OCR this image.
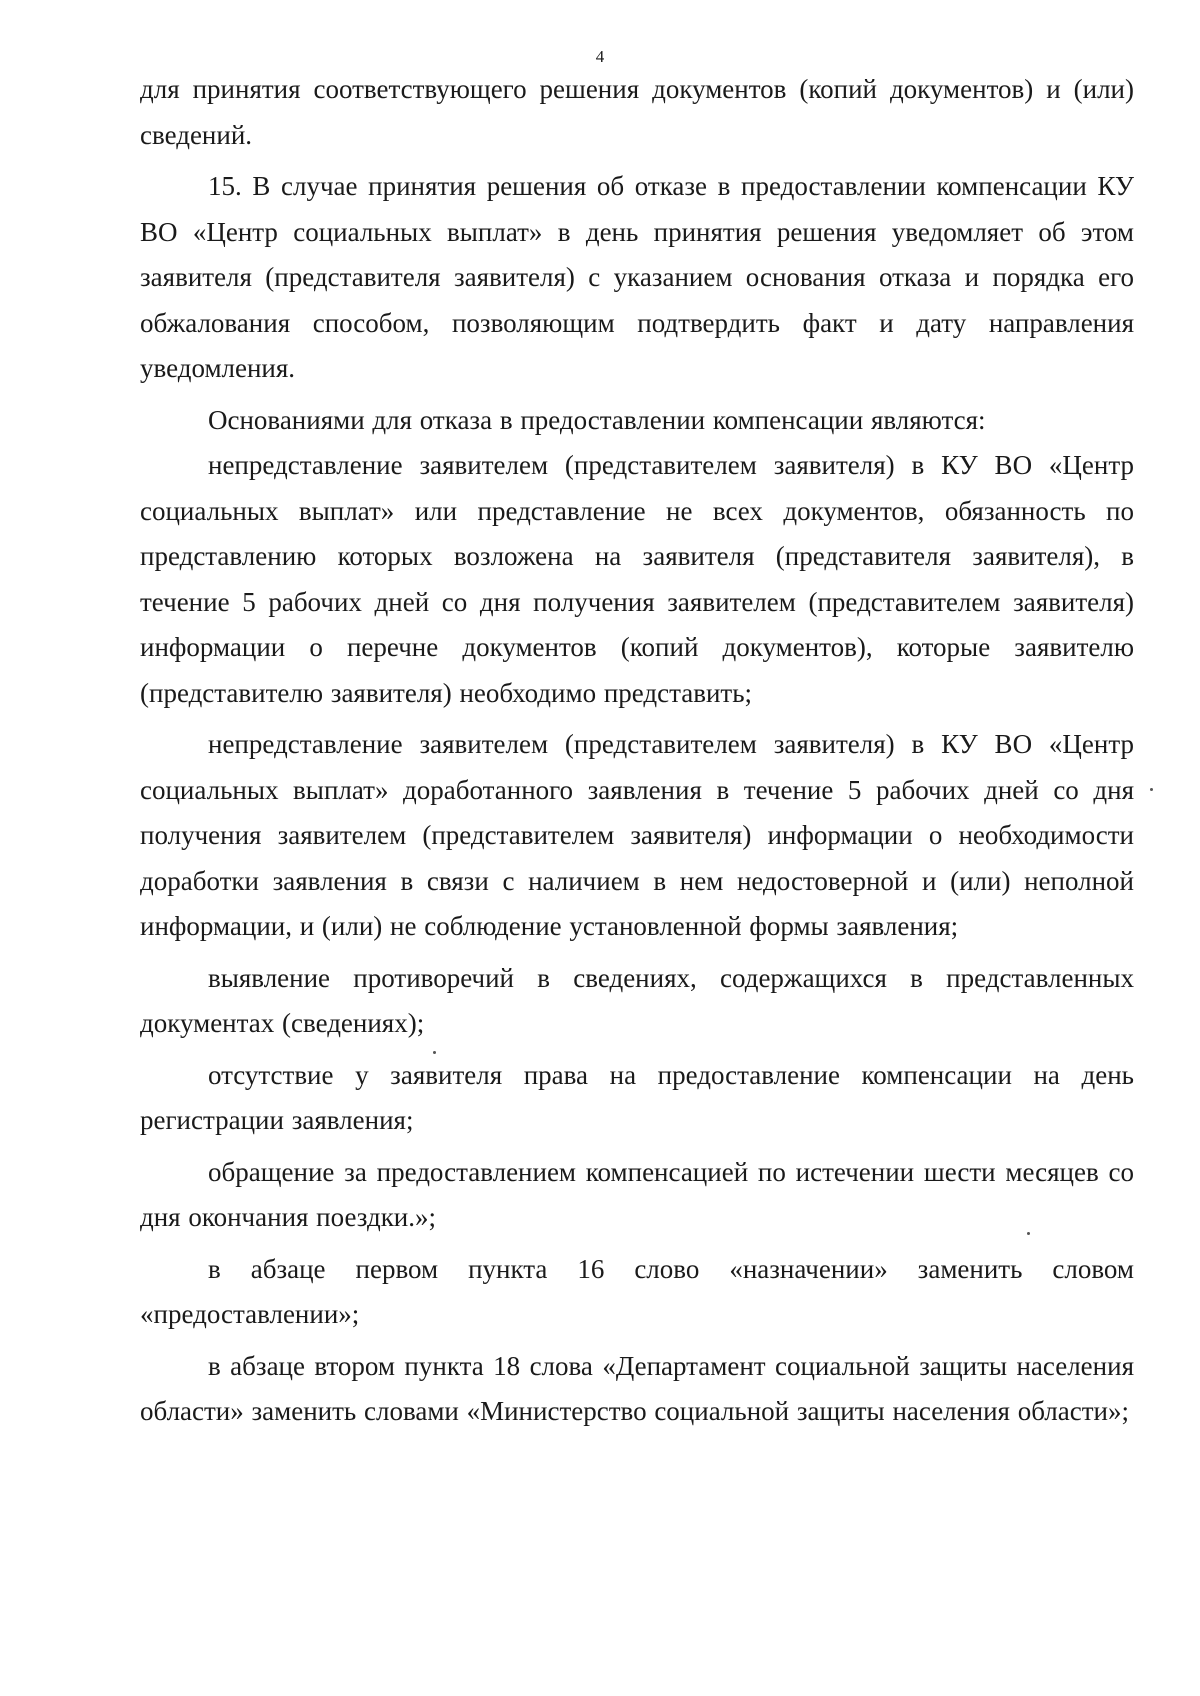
4

для принятия соответствующего решения документов (копий документов) и (или) сведений.

15. В случае принятия решения об отказе в предоставлении компенсации КУ ВО «Центр социальных выплат» в день принятия решения уведомляет об этом заявителя (представителя заявителя) с указанием основания отказа и порядка его обжалования способом, позволяющим подтвердить факт и дату направления уведомления.

Основаниями для отказа в предоставлении компенсации являются:

непредставление заявителем (представителем заявителя) в КУ ВО «Центр социальных выплат» или представление не всех документов, обязанность по представлению которых возложена на заявителя (представителя заявителя), в течение 5 рабочих дней со дня получения заявителем (представителем заявителя) информации о перечне документов (копий документов), которые заявителю (представителю заявителя) необходимо представить;

непредставление заявителем (представителем заявителя) в КУ ВО «Центр социальных выплат» доработанного заявления в течение 5 рабочих дней со дня получения заявителем (представителем заявителя) информации о необходимости доработки заявления в связи с наличием в нем недостоверной и (или) неполной информации, и (или) не соблюдение установленной формы заявления;

выявление противоречий в сведениях, содержащихся в представленных документах (сведениях);

отсутствие у заявителя права на предоставление компенсации на день регистрации заявления;

обращение за предоставлением компенсацией по истечении шести месяцев со дня окончания поездки.»;

в абзаце первом пункта 16 слово «назначении» заменить словом «предоставлении»;

в абзаце втором пункта 18 слова «Департамент социальной защиты населения области» заменить словами «Министерство социальной защиты населения области»;
